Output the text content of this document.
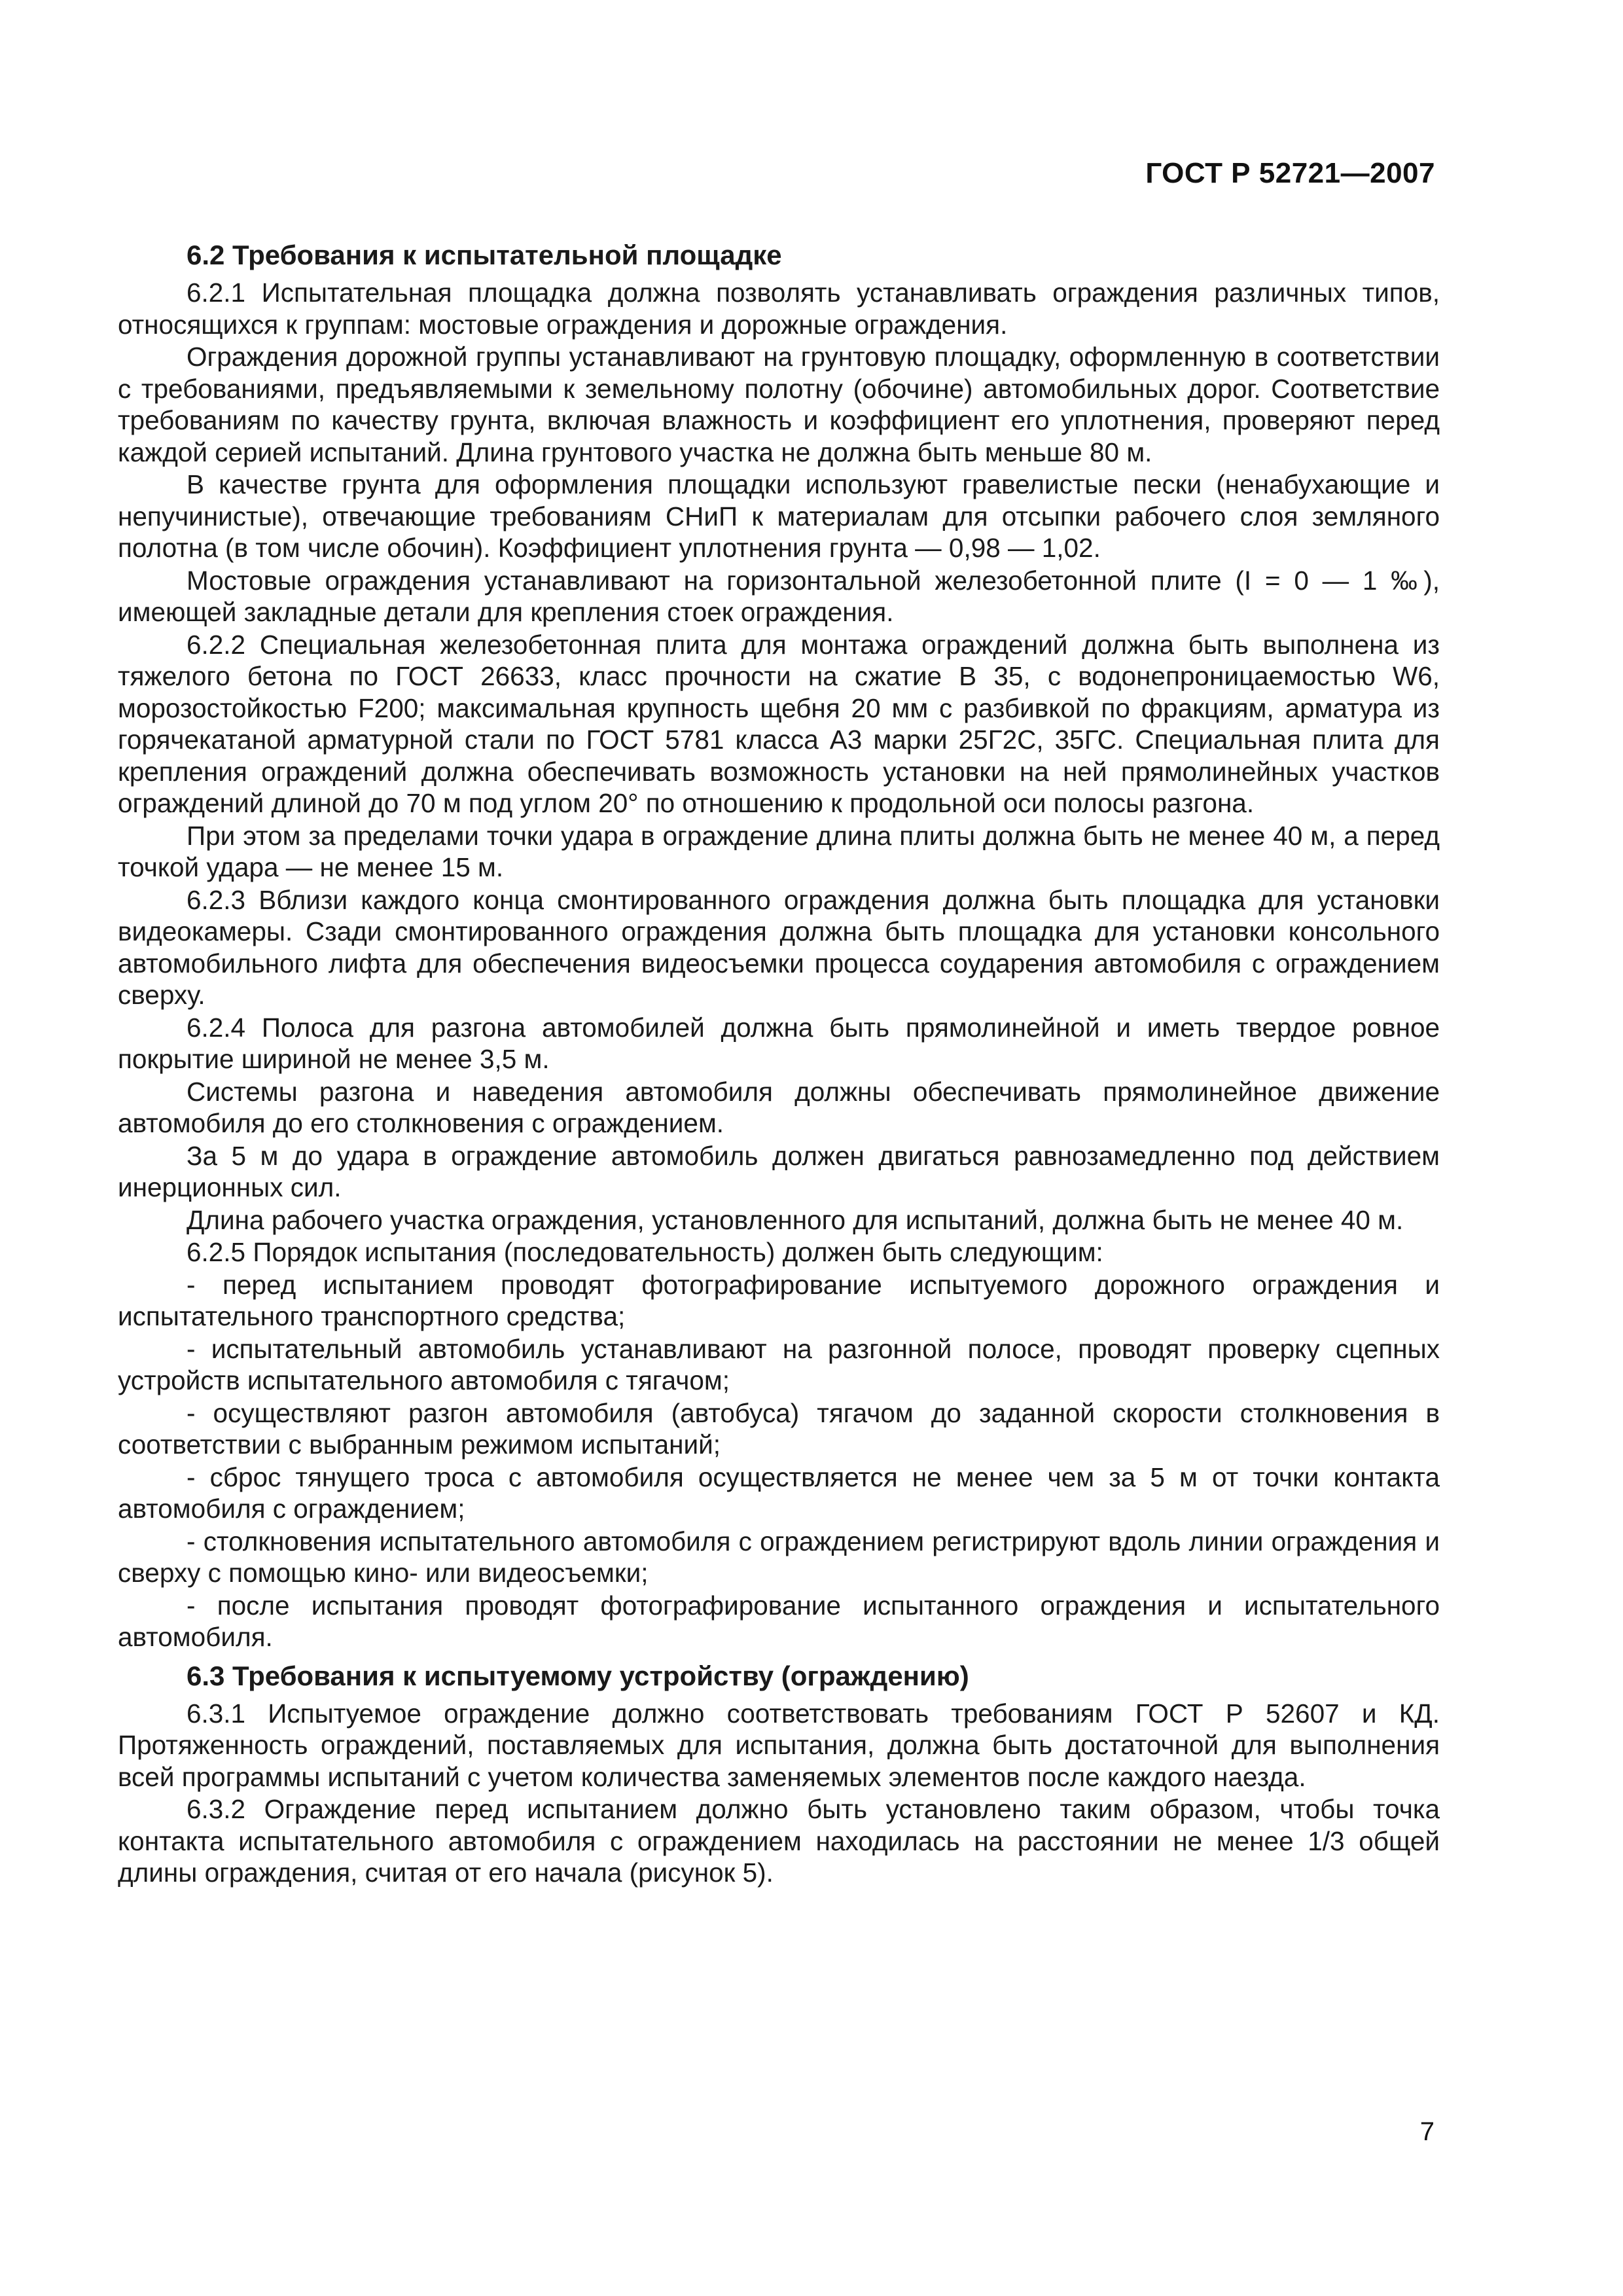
ГОСТ Р 52721—2007
6.2 Требования к испытательной площадке

6.2.1 Испытательная площадка должна позволять устанавливать ограждения различных типов, относящихся к группам: мостовые ограждения и дорожные ограждения.

Ограждения дорожной группы устанавливают на грунтовую площадку, оформленную в соответствии с требованиями, предъявляемыми к земельному полотну (обочине) автомобильных дорог. Соответствие требованиям по качеству грунта, включая влажность и коэффициент его уплотнения, проверяют перед каждой серией испытаний. Длина грунтового участка не должна быть меньше 80 м.

В качестве грунта для оформления площадки используют гравелистые пески (ненабухающие и непучинистые), отвечающие требованиям СНиП к материалам для отсыпки рабочего слоя земляного полотна (в том числе обочин). Коэффициент уплотнения грунта — 0,98 — 1,02.

Мостовые ограждения устанавливают на горизонтальной железобетонной плите (I = 0 — 1 ‰), имеющей закладные детали для крепления стоек ограждения.

6.2.2 Специальная железобетонная плита для монтажа ограждений должна быть выполнена из тяжелого бетона по ГОСТ 26633, класс прочности на сжатие В 35, с водонепроницаемостью W6, морозостойкостью F200; максимальная крупность щебня 20 мм с разбивкой по фракциям, арматура из горячекатаной арматурной стали по ГОСТ 5781 класса А3 марки 25Г2С, 35ГС. Специальная плита для крепления ограждений должна обеспечивать возможность установки на ней прямолинейных участков ограждений длиной до 70 м под углом 20° по отношению к продольной оси полосы разгона.

При этом за пределами точки удара в ограждение длина плиты должна быть не менее 40 м, а перед точкой удара — не менее 15 м.

6.2.3 Вблизи каждого конца смонтированного ограждения должна быть площадка для установки видеокамеры. Сзади смонтированного ограждения должна быть площадка для установки консольного автомобильного лифта для обеспечения видеосъемки процесса соударения автомобиля с ограждением сверху.

6.2.4 Полоса для разгона автомобилей должна быть прямолинейной и иметь твердое ровное покрытие шириной не менее 3,5 м.

Системы разгона и наведения автомобиля должны обеспечивать прямолинейное движение автомобиля до его столкновения с ограждением.

За 5 м до удара в ограждение автомобиль должен двигаться равнозамедленно под действием инерционных сил.

Длина рабочего участка ограждения, установленного для испытаний, должна быть не менее 40 м.

6.2.5 Порядок испытания (последовательность) должен быть следующим:

- перед испытанием проводят фотографирование испытуемого дорожного ограждения и испытательного транспортного средства;

- испытательный автомобиль устанавливают на разгонной полосе, проводят проверку сцепных устройств испытательного автомобиля с тягачом;

- осуществляют разгон автомобиля (автобуса) тягачом до заданной скорости столкновения в соответствии с выбранным режимом испытаний;

- сброс тянущего троса с автомобиля осуществляется не менее чем за 5 м от точки контакта автомобиля с ограждением;

- столкновения испытательного автомобиля с ограждением регистрируют вдоль линии ограждения и сверху с помощью кино- или видеосъемки;

- после испытания проводят фотографирование испытанного ограждения и испытательного автомобиля.

6.3 Требования к испытуемому устройству (ограждению)

6.3.1 Испытуемое ограждение должно соответствовать требованиям ГОСТ Р 52607 и КД. Протяженность ограждений, поставляемых для испытания, должна быть достаточной для выполнения всей программы испытаний с учетом количества заменяемых элементов после каждого наезда.

6.3.2 Ограждение перед испытанием должно быть установлено таким образом, чтобы точка контакта испытательного автомобиля с ограждением находилась на расстоянии не менее 1/3 общей длины ограждения, считая от его начала (рисунок 5).

7
